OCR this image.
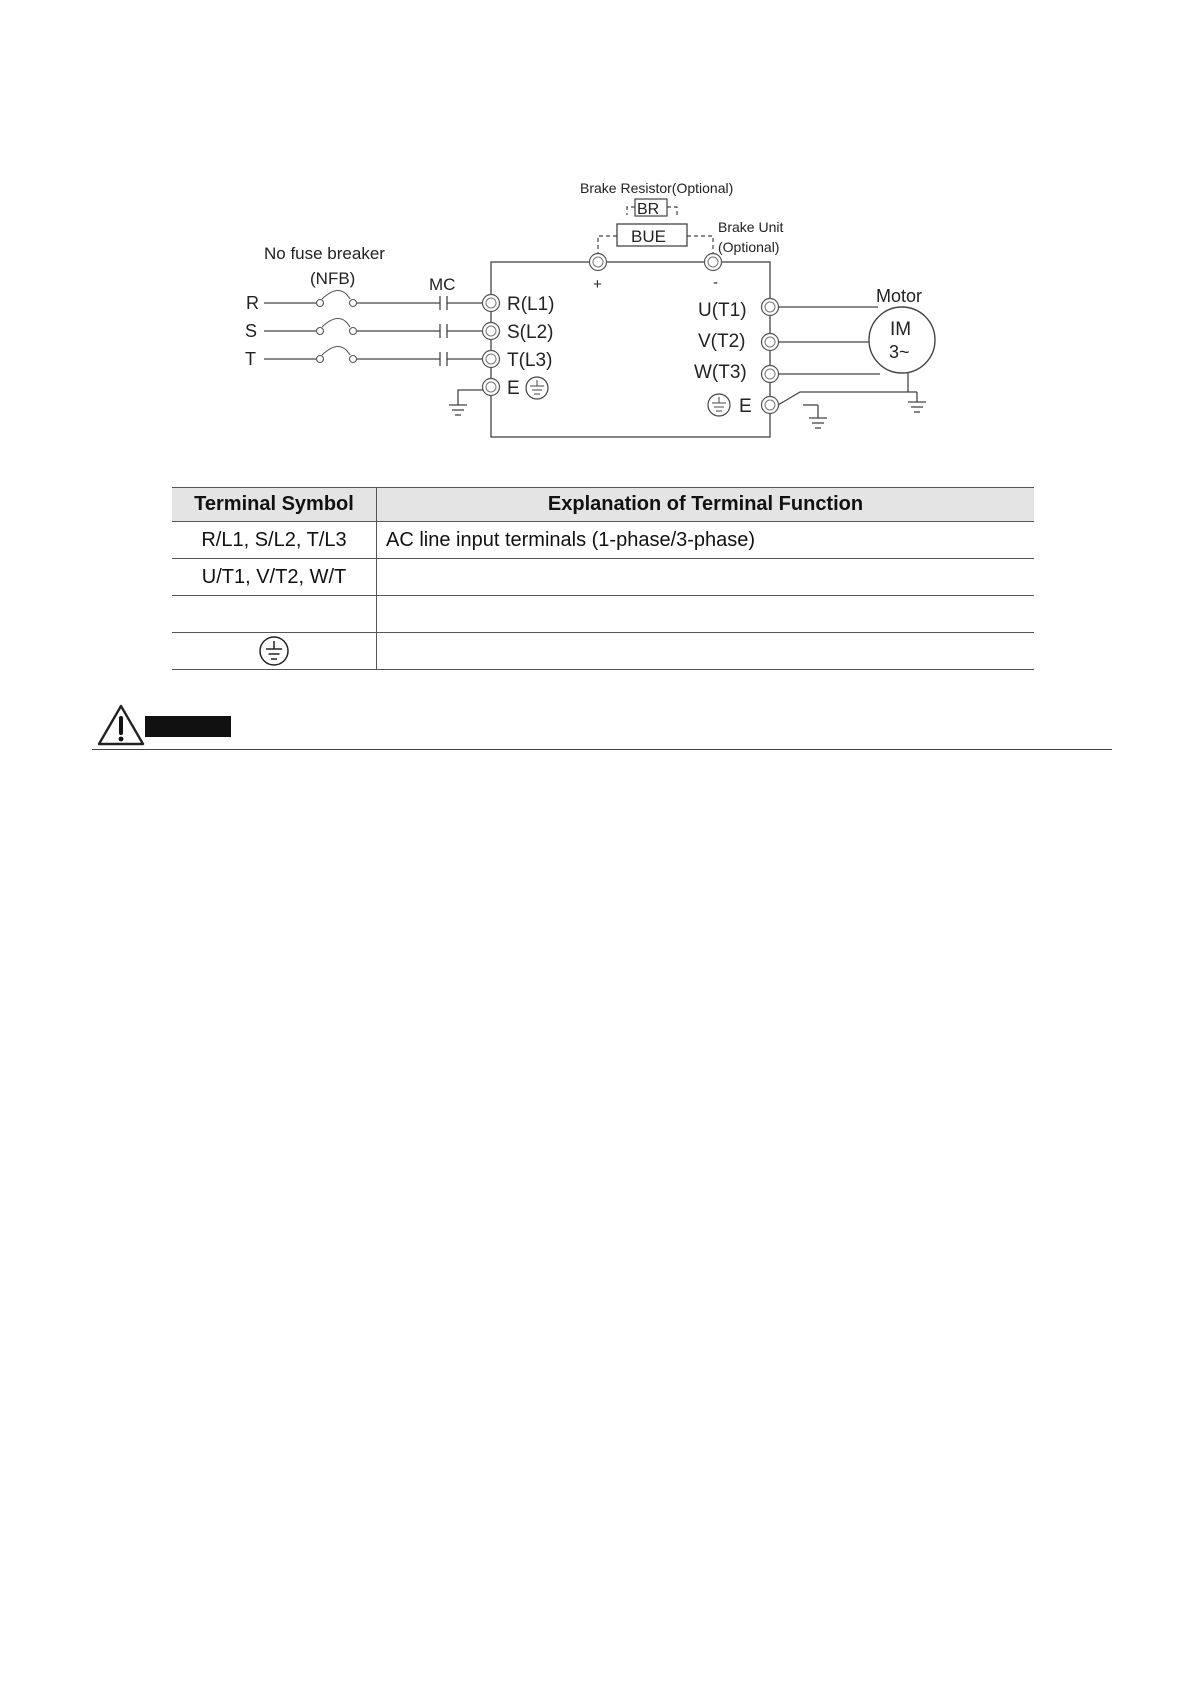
Brake Resistor(Optional)
BR
BUE	Brake Unit
(Optional)
+	-
No fuse breaker
(NFB)	MC
R
S
T
R(L1)
S(L2)
T(L3)
E
U(T1)
V(T2)
W(T3)
E
Motor
IM
3~
Terminal Symbol	Explanation of Terminal Function
R/L1, S/L2, T/L3	AC line input terminals (1-phase/3-phase)
U/T1, V/T2, W/T	
